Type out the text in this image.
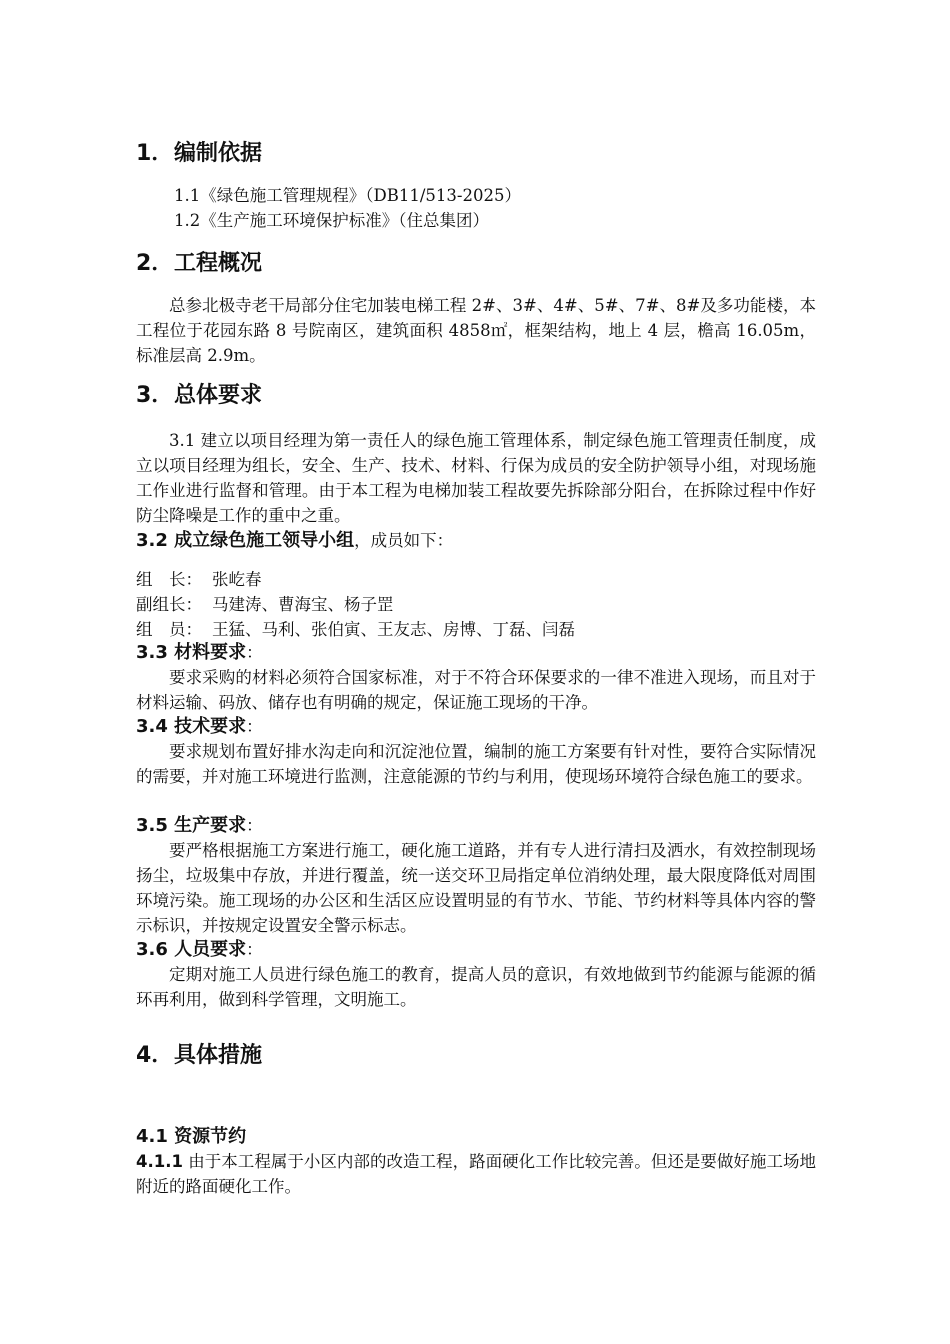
1．编制依据
1.1《绿色施工管理规程》（DB11/513-2025）
1.2《生产施工环境保护标准》（住总集团）
2．工程概况
总参北极寺老干局部分住宅加装电梯工程 2#、3#、4#、5#、7#、8#及多功能楼，本工程位于花园东路 8 号院南区，建筑面积 4858㎡，框架结构，地上 4 层，檐高 16.05m，标准层高 2.9m。
3．总体要求
3.1 建立以项目经理为第一责任人的绿色施工管理体系，制定绿色施工管理责任制度，成立以项目经理为组长，安全、生产、技术、材料、行保为成员的安全防护领导小组，对现场施工作业进行监督和管理。由于本工程为电梯加装工程故要先拆除部分阳台，在拆除过程中作好防尘降噪是工作的重中之重。
3.2 成立绿色施工领导小组，成员如下：
组　长： 张屹春
副组长： 马建涛、曹海宝、杨子罡
组　员： 王猛、马利、张伯寅、王友志、房博、丁磊、闫磊
3.3 材料要求：
要求采购的材料必须符合国家标准，对于不符合环保要求的一律不准进入现场，而且对于材料运输、码放、储存也有明确的规定，保证施工现场的干净。
3.4 技术要求：
要求规划布置好排水沟走向和沉淀池位置，编制的施工方案要有针对性，要符合实际情况的需要，并对施工环境进行监测，注意能源的节约与利用，使现场环境符合绿色施工的要求。
3.5 生产要求：
要严格根据施工方案进行施工，硬化施工道路，并有专人进行清扫及洒水，有效控制现场扬尘，垃圾集中存放，并进行覆盖，统一送交环卫局指定单位消纳处理，最大限度降低对周围环境污染。施工现场的办公区和生活区应设置明显的有节水、节能、节约材料等具体内容的警示标识，并按规定设置安全警示标志。
3.6 人员要求：
定期对施工人员进行绿色施工的教育，提高人员的意识，有效地做到节约能源与能源的循环再利用，做到科学管理，文明施工。
4．具体措施
4.1 资源节约
4.1.1 由于本工程属于小区内部的改造工程，路面硬化工作比较完善。但还是要做好施工场地附近的路面硬化工作。
